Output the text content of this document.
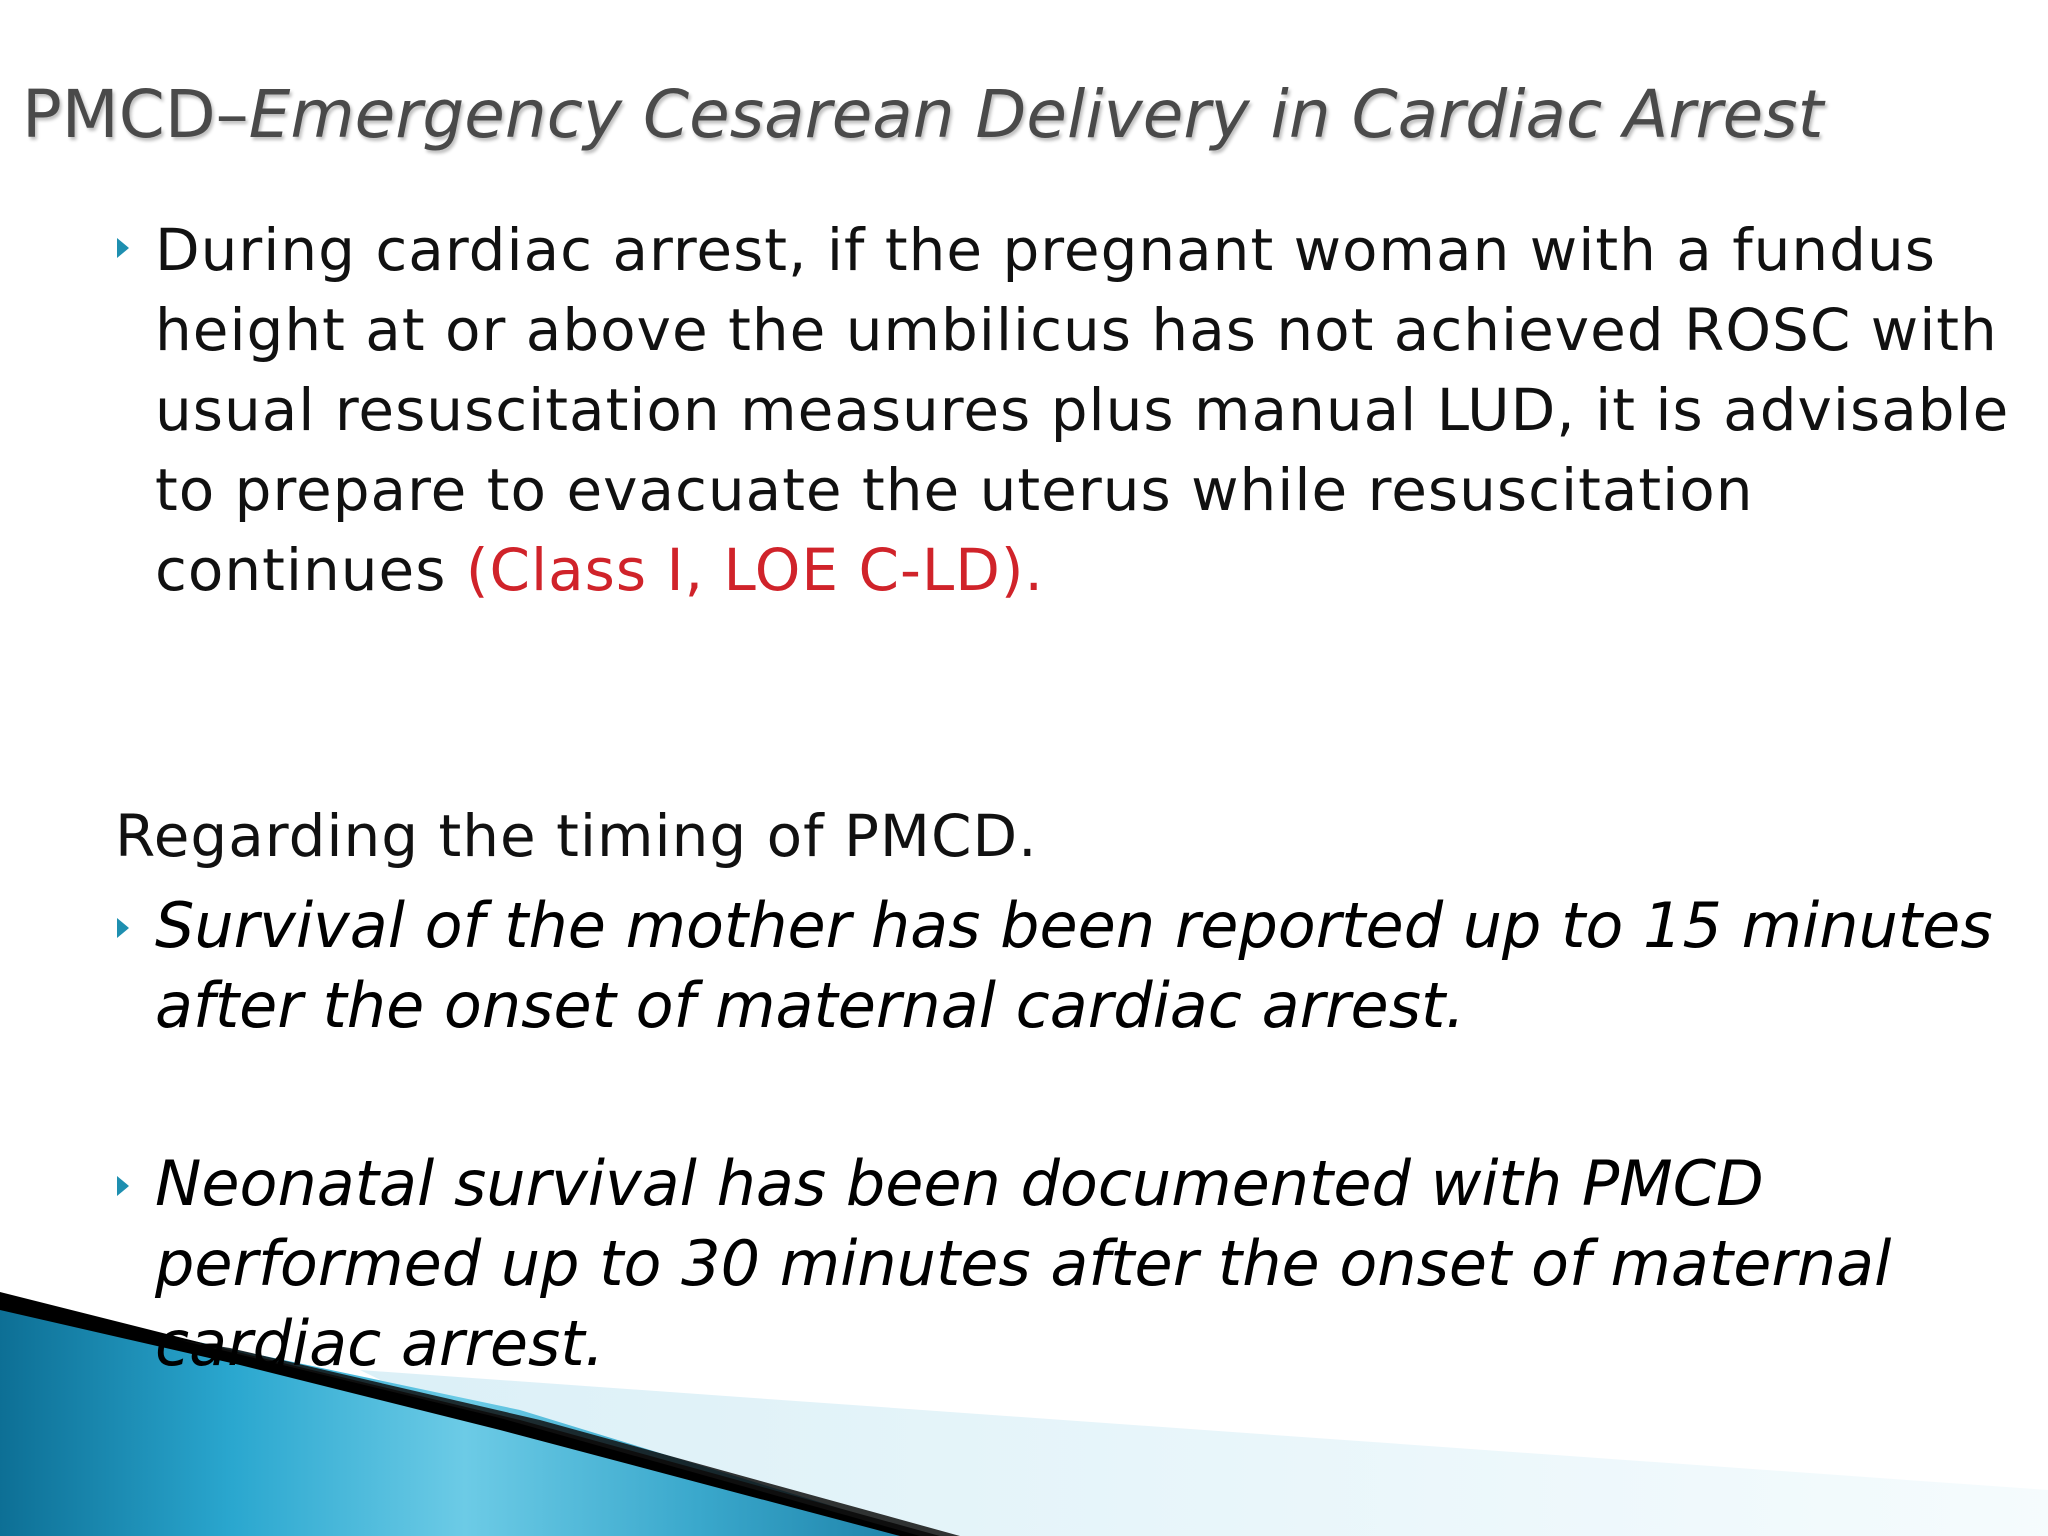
PMCD–Emergency Cesarean Delivery in Cardiac Arrest

During cardiac arrest, if the pregnant woman with a fundus height at or above the umbilicus has not achieved ROSC with usual resuscitation measures plus manual LUD, it is advisable to prepare to evacuate the uterus while resuscitation continues (Class I, LOE C-LD).

Regarding the timing of PMCD.

Survival of the mother has been reported up to 15 minutes after the onset of maternal cardiac arrest.

Neonatal survival has been documented with PMCD performed up to 30 minutes after the onset of maternal cardiac arrest.
